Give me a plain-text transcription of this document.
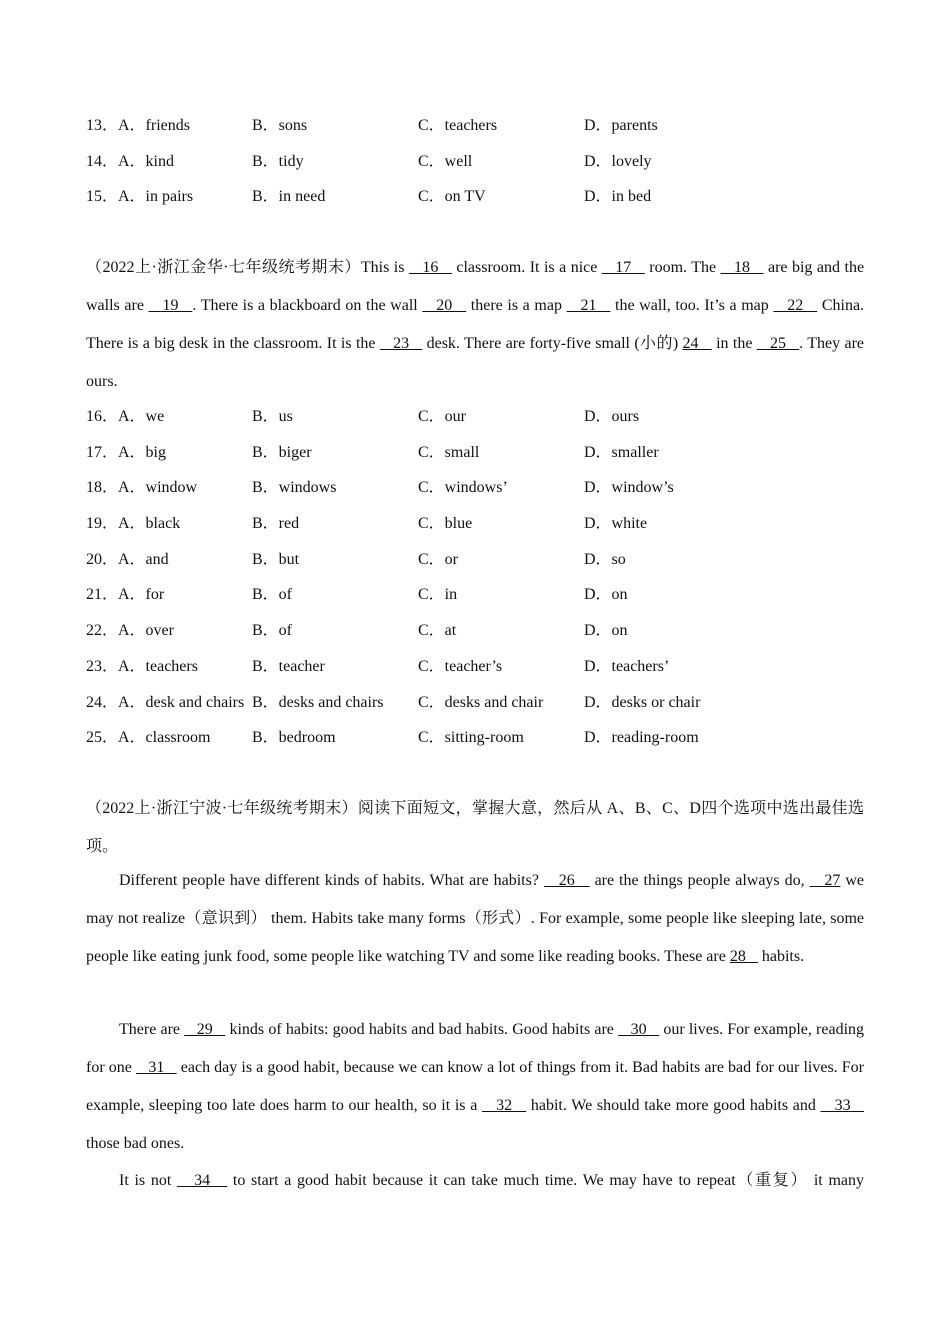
13．A．friends	B．sons	C．teachers	D．parents
14．A．kind	B．tidy	C．well	D．lovely
15．A．in pairs	B．in need	C．on TV	D．in bed

（2022上·浙江金华·七年级统考期末）This is    16    classroom. It is a nice    17    room. The    18    are big and the walls are    19   . There is a blackboard on the wall    20    there is a map    21    the wall, too. It’s a map    22    China. There is a big desk in the classroom. It is the    23    desk. There are forty-five small (小的) 24    in the    25   . They are ours.

16．A．we	B．us	C．our	D．ours
17．A．big	B．biger	C．small	D．smaller
18．A．window	B．windows	C．windows’	D．window’s
19．A．black	B．red	C．blue	D．white
20．A．and	B．but	C．or	D．so
21．A．for	B．of	C．in	D．on
22．A．over	B．of	C．at	D．on
23．A．teachers	B．teacher	C．teacher’s	D．teachers’
24．A．desk and chairs B．desks and chairs C．desks and chair	D．desks or chair
25．A．classroom	B．bedroom	C．sitting-room	D．reading-room

（2022上·浙江宁波·七年级统考期末）阅读下面短文，掌握大意，然后从 A、B、C、D四个选项中选出最佳选项。

Different people have different kinds of habits. What are habits?    26    are the things people always do,    27 we may not realize（意识到） them. Habits take many forms（形式）. For example, some people like sleeping late, some people like eating junk food, some people like watching TV and some like reading books. These are 28    habits.

There are    29    kinds of habits: good habits and bad habits. Good habits are    30    our lives. For example, reading for one    31    each day is a good habit, because we can know a lot of things from it. Bad habits are bad for our lives. For example, sleeping too late does harm to our health, so it is a    32    habit. We should take more good habits and    33    those bad ones.

It is not    34    to start a good habit because it can take much time. We may have to repeat（重复） it many
